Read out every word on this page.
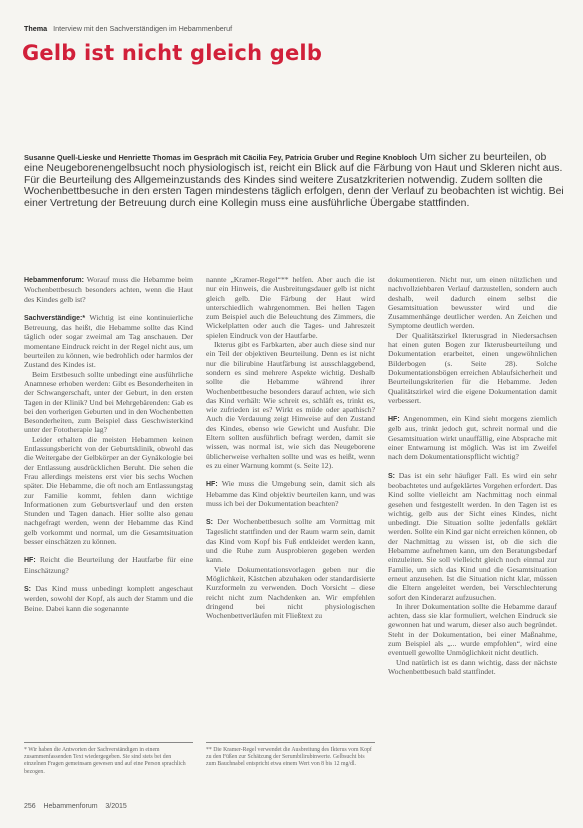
Thema Interview mit den Sachverständigen im Hebammenberuf
Gelb ist nicht gleich gelb
Susanne Quell-Lieske und Henriette Thomas im Gespräch mit Cäcilia Fey, Patricia Gruber und Regine Knobloch Um sicher zu beurteilen, ob eine Neugeborenengelbsucht noch physiologisch ist, reicht ein Blick auf die Färbung von Haut und Skleren nicht aus. Für die Beurteilung des Allgemeinzustands des Kindes sind weitere Zusatzkriterien notwendig. Zudem sollten die Wochenbettbesuche in den ersten Tagen mindestens täglich erfolgen, denn der Verlauf zu beobachten ist wichtig. Bei einer Vertretung der Betreuung durch eine Kollegin muss eine ausführliche Übergabe stattfinden.

Hebammenforum: Worauf muss die Hebamme beim Wochenbettbesuch besonders achten, wenn die Haut des Kindes gelb ist?

Sachverständige:* Wichtig ist eine kontinuierliche Betreuung, das heißt, die Hebamme sollte das Kind täglich oder sogar zweimal am Tag anschauen. Der momentane Eindruck reicht in der Regel nicht aus, um beurteilen zu können, wie bedrohlich oder harmlos der Zustand des Kindes ist.

Beim Erstbesuch sollte unbedingt eine ausführliche Anamnese erhoben werden: Gibt es Besonderheiten in der Schwangerschaft, unter der Geburt, in den ersten Tagen in der Klinik? Und bei Mehrgebärenden: Gab es bei den vorherigen Geburten und in den Wochenbetten Besonderheiten, zum Beispiel dass Geschwisterkind unter der Fototherapie lag?

Leider erhalten die meisten Hebammen keinen Entlassungsbericht von der Geburtsklinik, obwohl das die Weitergabe der Gelbkörper an der Gynäkologie bei der Entlassung ausdrücklichen Beruht. Die sehen die Frau allerdings meistens erst vier bis sechs Wochen später. Die Hebamme, die oft noch am Entlassungstag zur Familie kommt, fehlen dann wichtige Informationen zum Geburtsverlauf und den ersten Stunden und Tagen danach. Hier sollte also genau nachgefragt werden, wenn der Hebamme das Kind gelb vorkommt und normal, um die Gesamtsituation besser einschätzen zu können.

HF: Reicht die Beurteilung der Hautfarbe für eine Einschätzung?

S: Das Kind muss unbedingt komplett angeschaut werden, sowohl der Kopf, als auch der Stamm und die Beine. Dabei kann die sogenannte

nannte „Kramer-Regel“** helfen. Aber auch die ist nur ein Hinweis, die Ausbreitungsdauer gelb ist nicht gleich gelb. Die Färbung der Haut wird unterschiedlich wahrgenommen. Bei hellen Tagen zum Beispiel auch die Beleuchtung des Zimmers, die Wickelplatten oder auch die Tages- und Jahreszeit spielen Eindruck von der Hautfarbe.

Ikterus gibt es Farbkarten, aber auch diese sind nur ein Teil der objektiven Beurteilung. Denn es ist nicht nur die bilirubine Hautfärbung ist ausschlaggebend, sondern es sind mehrere Aspekte wichtig. Deshalb sollte die Hebamme während ihrer Wochenbettbesuche besonders darauf achten, wie sich das Kind verhält: Wie schreit es, schläft es, trinkt es, wie zufrieden ist es? Wirkt es müde oder apathisch? Auch die Verdauung zeigt Hinweise auf den Zustand des Kindes, ebenso wie Gewicht und Ausfuhr. Die Eltern sollten ausführlich befragt werden, damit sie wissen, was normal ist, wie sich das Neugeborene üblicherweise verhalten sollte und was es heißt, wenn es zu einer Warnung kommt (s. Seite 12).

HF: Wie muss die Umgebung sein, damit sich als Hebamme das Kind objektiv beurteilen kann, und was muss ich bei der Dokumentation beachten?

S: Der Wochenbettbesuch sollte am Vormittag mit Tageslicht stattfinden und der Raum warm sein, damit das Kind vom Kopf bis Fuß entkleidet werden kann, und die Ruhe zum Ausprobieren gegeben werden kann.

Viele Dokumentationsvorlagen geben nur die Möglichkeit, Kästchen abzuhaken oder standardisierte Kurzformeln zu verwenden. Doch Vorsicht – diese reicht nicht zum Nachdenken an. Wir empfehlen dringend bei nicht physiologischen Wochenbettverläufen mit Fließtext zu

dokumentieren. Nicht nur, um einen nützlichen und nachvollziehbaren Verlauf darzustellen, sondern auch deshalb, weil dadurch einem selbst die Gesamtsituation bewusster wird und die Zusammenhänge deutlicher werden. An Zeichen und Symptome deutlich werden.

Der Qualitätszirkel Ikterusgrad in Niedersachsen hat einen guten Bogen zur Ikterusbeurteilung und Dokumentation erarbeitet, einen ungewöhnlichen Bilderbogen (s. Seite 28). Solche Dokumentationsbögen erreichen Ablaufsicherheit und Beurteilungskriterien für die Hebamme. Jeden Qualitätszirkel wird die eigene Dokumentation damit verbessert.

HF: Angenommen, ein Kind sieht morgens ziemlich gelb aus, trinkt jedoch gut, schreit normal und die Gesamtsituation wirkt unauffällig, eine Absprache mit einer Entwarnung ist möglich. Was ist im Zweifel nach dem Dokumentationspflicht wichtig?

S: Das ist ein sehr häufiger Fall. Es wird ein sehr beobachtetes und aufgeklärtes Vorgehen erfordert. Das Kind sollte vielleicht am Nachmittag noch einmal gesehen und festgestellt werden. In den Tagen ist es wichtig, gelb aus der Sicht eines Kindes, nicht unbedingt. Die Situation sollte jedenfalls geklärt werden. Sollte ein Kind gar nicht erreichen können, ob der Nachmittag zu wissen ist, ob die sich die Hebamme aufnehmen kann, um den Beratungsbedarf einzuleiten. Sie soll vielleicht gleich noch einmal zur Familie, um sich das Kind und die Gesamtsituation erneut anzusehen. Ist die Situation nicht klar, müssen die Eltern angeleitet werden, bei Verschlechterung sofort den Kinderarzt aufzusuchen.

In ihrer Dokumentation sollte die Hebamme darauf achten, dass sie klar formuliert, welchen Eindruck sie gewonnen hat und warum, dieser also auch begründet. Steht in der Dokumentation, bei einer Maßnahme, zum Beispiel als „... wurde empfohlen“, wird eine eventuell gewollte Unmöglichkeit nicht deutlich.

Und natürlich ist es dann wichtig, dass der nächste Wochenbettbesuch bald stattfindet.

* Wir haben die Antworten der Sachverständigen in einem zusammenfassenden Text wiedergegeben. Sie sind stets bei den einzelnen Fragen gemeinsam gewesen und auf eine Person sprachlich bezogen.
** Die Kramer-Regel verwendet die Ausbreitung des Ikterus vom Kopf zu den Füßen zur Schätzung der Serumbilirubinwerte. Gelbsucht bis zum Bauchnabel entspricht etwa einem Wert von 8 bis 12 mg/dl.
256 Hebammenforum 3/2015
